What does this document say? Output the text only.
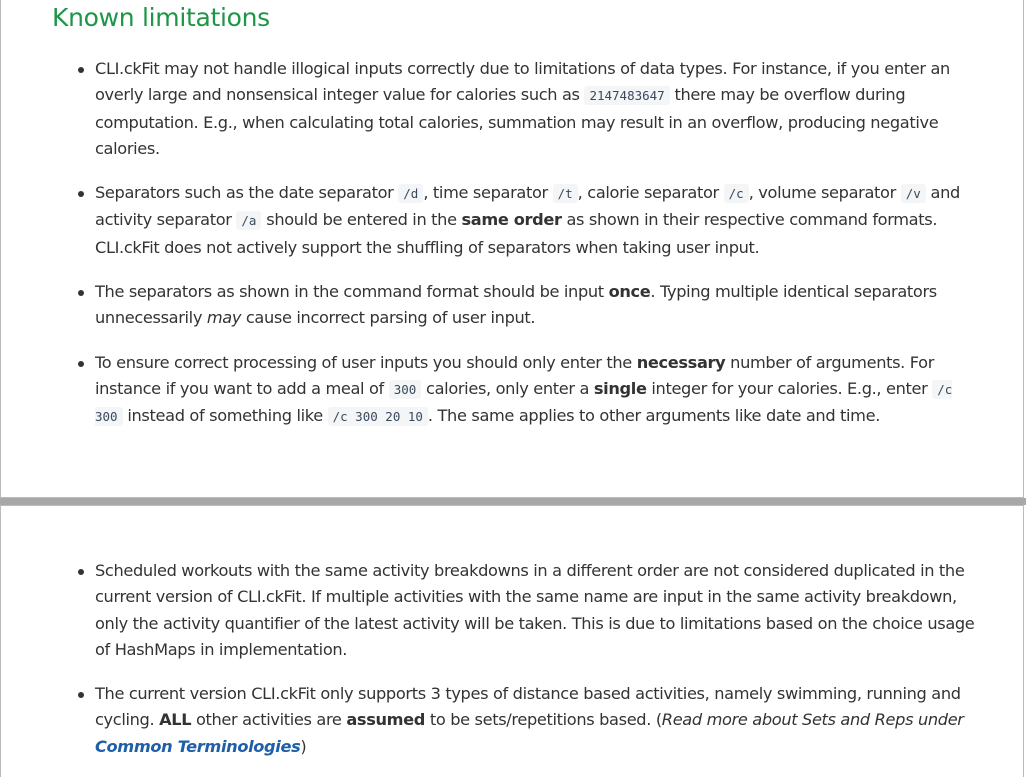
Known limitations
CLI.ckFit may not handle illogical inputs correctly due to limitations of data types. For instance, if you enter an overly large and nonsensical integer value for calories such as 2147483647 there may be overflow during computation. E.g., when calculating total calories, summation may result in an overflow, producing negative calories.
Separators such as the date separator /d , time separator /t , calorie separator /c , volume separator /v and activity separator /a should be entered in the same order as shown in their respective command formats. CLI.ckFit does not actively support the shuffling of separators when taking user input.
The separators as shown in the command format should be input once. Typing multiple identical separators unnecessarily may cause incorrect parsing of user input.
To ensure correct processing of user inputs you should only enter the necessary number of arguments. For instance if you want to add a meal of 300 calories, only enter a single integer for your calories. E.g., enter /c 300 instead of something like /c 300 20 10 . The same applies to other arguments like date and time.
Scheduled workouts with the same activity breakdowns in a different order are not considered duplicated in the current version of CLI.ckFit. If multiple activities with the same name are input in the same activity breakdown, only the activity quantifier of the latest activity will be taken. This is due to limitations based on the choice usage of HashMaps in implementation.
The current version CLI.ckFit only supports 3 types of distance based activities, namely swimming, running and cycling. ALL other activities are assumed to be sets/repetitions based. (Read more about Sets and Reps under Common Terminologies)
